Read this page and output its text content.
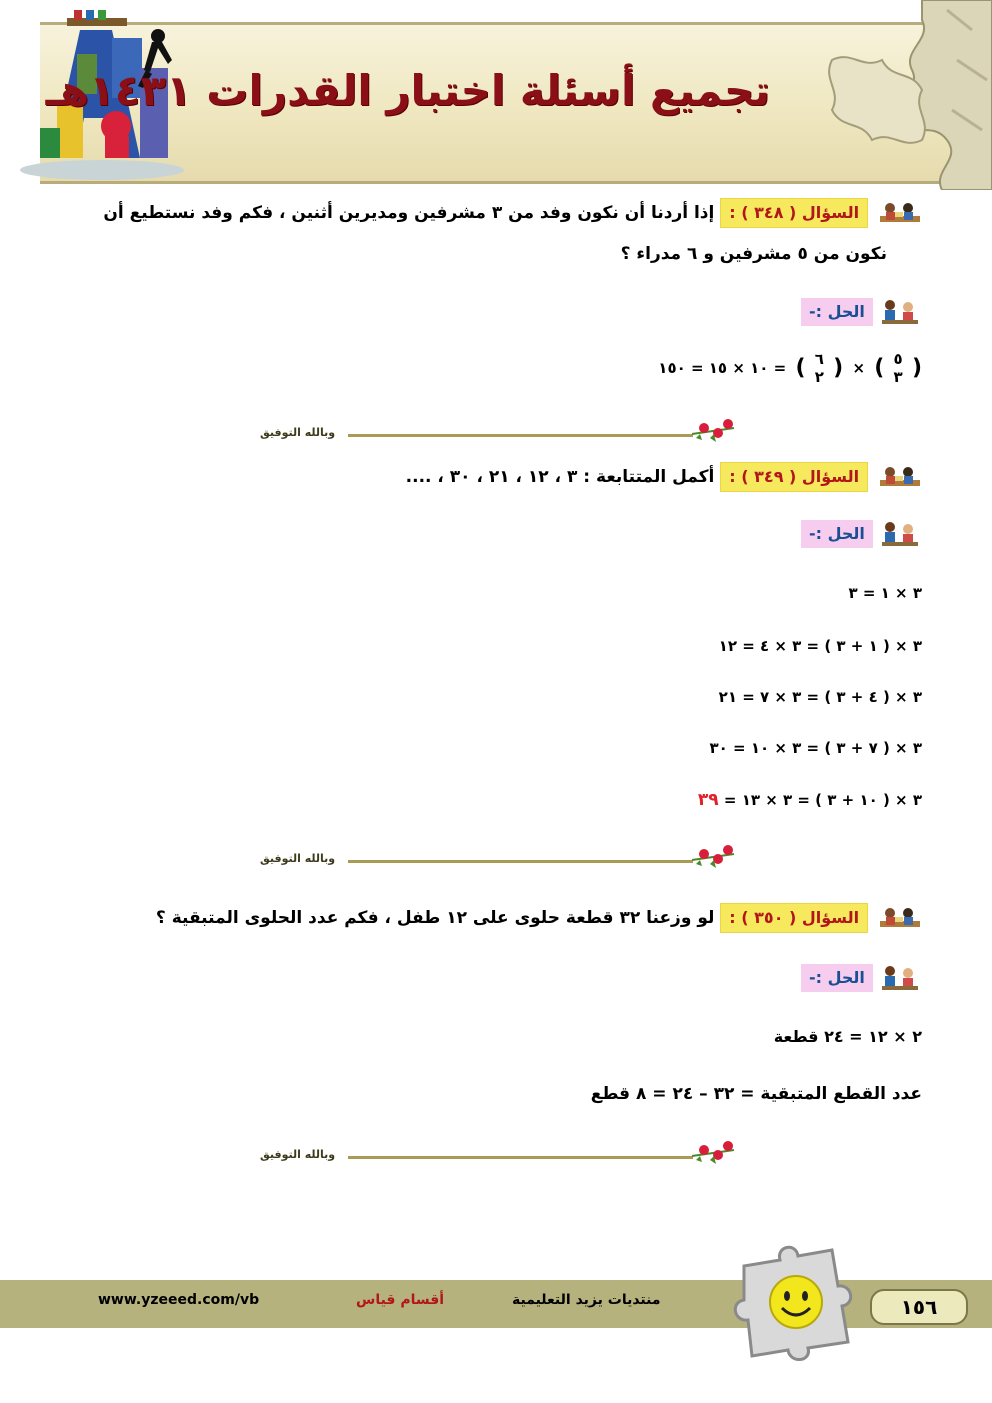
تجميع أسئلة اختبار القدرات ١٤٣١هـ
السؤال ( ٣٤٨ ) : إذا أردنا أن نكون وفد من ٣ مشرفين ومديرين أثنين ، فكم وفد نستطيع أن
نكون من ٥ مشرفين و ٦ مدراء ؟
الحل :-
( ٥
٣ ) × ( ٦
٢ ) = ١٠ × ١٥ = ١٥٠
وبالله التوفيق
السؤال ( ٣٤٩ ) : أكمل المتتابعة : ٣ ، ١٢ ، ٢١ ، ٣٠ ، ....
الحل :-
٣ × ١ = ٣
٣ × ( ١ + ٣ ) = ٣ × ٤ = ١٢
٣ × ( ٤ + ٣ ) = ٣ × ٧ = ٢١
٣ × ( ٧ + ٣ ) = ٣ × ١٠ = ٣٠
٣ × ( ١٠ + ٣ ) = ٣ × ١٣ = ٣٩
وبالله التوفيق
السؤال ( ٣٥٠ ) : لو وزعنا ٣٢ قطعة حلوى على ١٢ طفل ، فكم عدد الحلوى المتبقية ؟
الحل :-
٢ × ١٢ = ٢٤ قطعة
عدد القطع المتبقية = ٣٢ – ٢٤ = ٨ قطع
وبالله التوفيق
www.yzeeed.com/vb	أقسام قياس	منتديات يزيد التعليمية	١٥٦
